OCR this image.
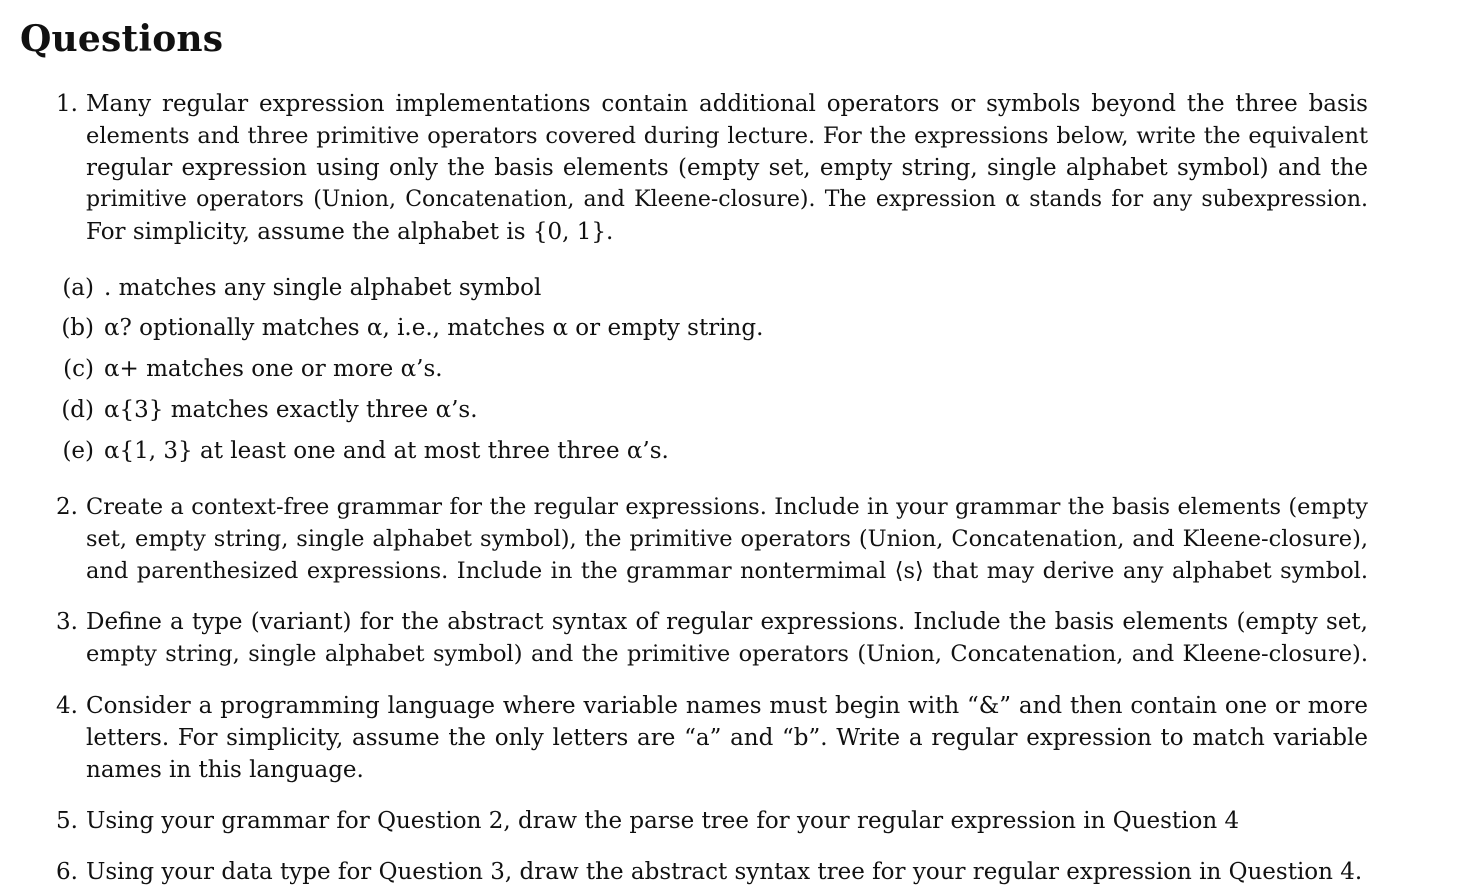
Questions
1. Many regular expression implementations contain additional operators or symbols beyond the three basis
elements and three primitive operators covered during lecture. For the expressions below, write the equivalent
regular expression using only the basis elements (empty set, empty string, single alphabet symbol) and the
primitive operators (Union, Concatenation, and Kleene-closure). The expression α stands for any subexpression.
For simplicity, assume the alphabet is {0, 1}.
(a) . matches any single alphabet symbol
(b) α? optionally matches α, i.e., matches α or empty string.
(c) α+ matches one or more α’s.
(d) α{3} matches exactly three α’s.
(e) α{1, 3} at least one and at most three three α’s.
2. Create a context-free grammar for the regular expressions. Include in your grammar the basis elements (empty
set, empty string, single alphabet symbol), the primitive operators (Union, Concatenation, and Kleene-closure),
and parenthesized expressions. Include in the grammar nontermimal ⟨s⟩ that may derive any alphabet symbol.
3. Define a type (variant) for the abstract syntax of regular expressions. Include the basis elements (empty set,
empty string, single alphabet symbol) and the primitive operators (Union, Concatenation, and Kleene-closure).
4. Consider a programming language where variable names must begin with “&” and then contain one or more
letters. For simplicity, assume the only letters are “a” and “b”. Write a regular expression to match variable
names in this language.
5. Using your grammar for Question 2, draw the parse tree for your regular expression in Question 4
6. Using your data type for Question 3, draw the abstract syntax tree for your regular expression in Question 4.
